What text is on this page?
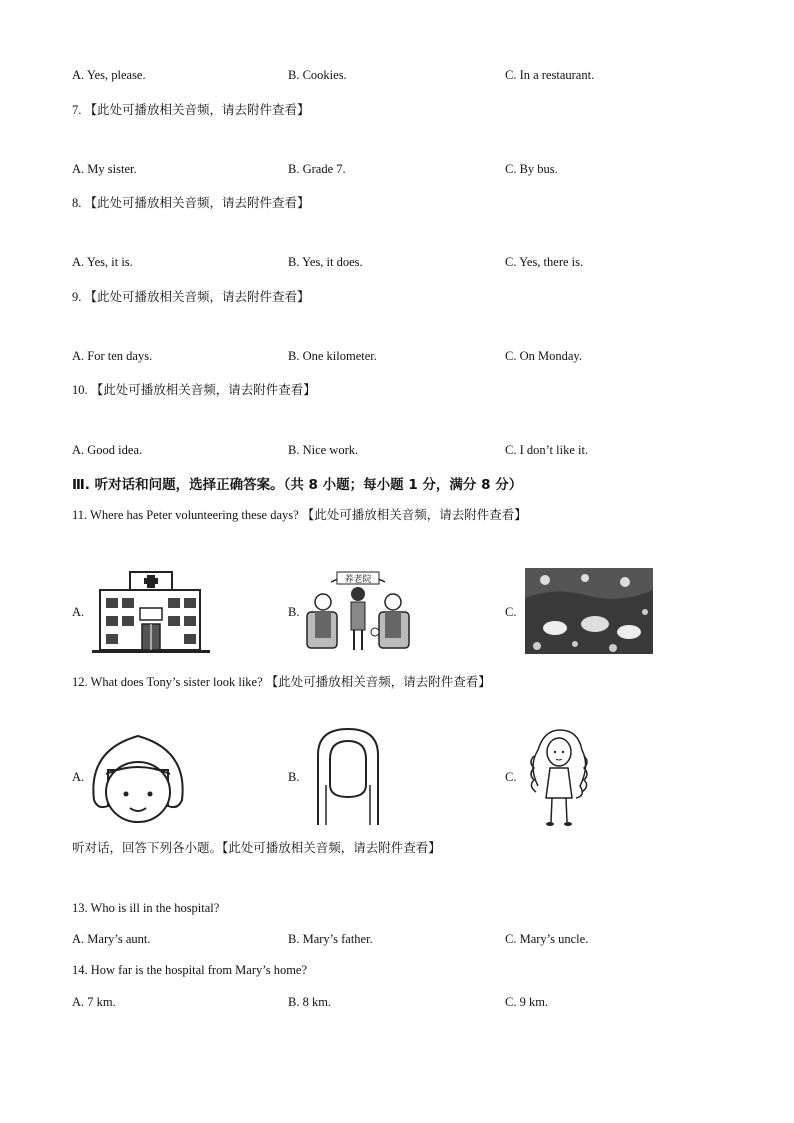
A. Yes, please.	B. Cookies.	C. In a restaurant.
7. 【此处可播放相关音频，请去附件查看】
A. My sister.	B. Grade 7.	C. By bus.
8. 【此处可播放相关音频，请去附件查看】
A. Yes, it is.	B. Yes, it does.	C. Yes, there is.
9. 【此处可播放相关音频，请去附件查看】
A. For ten days.	B. One kilometer.	C. On Monday.
10. 【此处可播放相关音频，请去附件查看】
A. Good idea.	B. Nice work.	C. I don’t like it.
Ⅲ. 听对话和问题，选择正确答案。（共 8 小题；每小题 1 分，满分 8 分）
11. Where has Peter volunteering these days? 【此处可播放相关音频，请去附件查看】
A.	B.
养老院
C.
12. What does Tony’s sister look like? 【此处可播放相关音频，请去附件查看】
A.	B.	C.
听对话，回答下列各小题。【此处可播放相关音频，请去附件查看】
13. Who is ill in the hospital?
A. Mary’s aunt.	B. Mary’s father.	C. Mary’s uncle.
14. How far is the hospital from Mary’s home?
A. 7 km.	B. 8 km.	C. 9 km.
